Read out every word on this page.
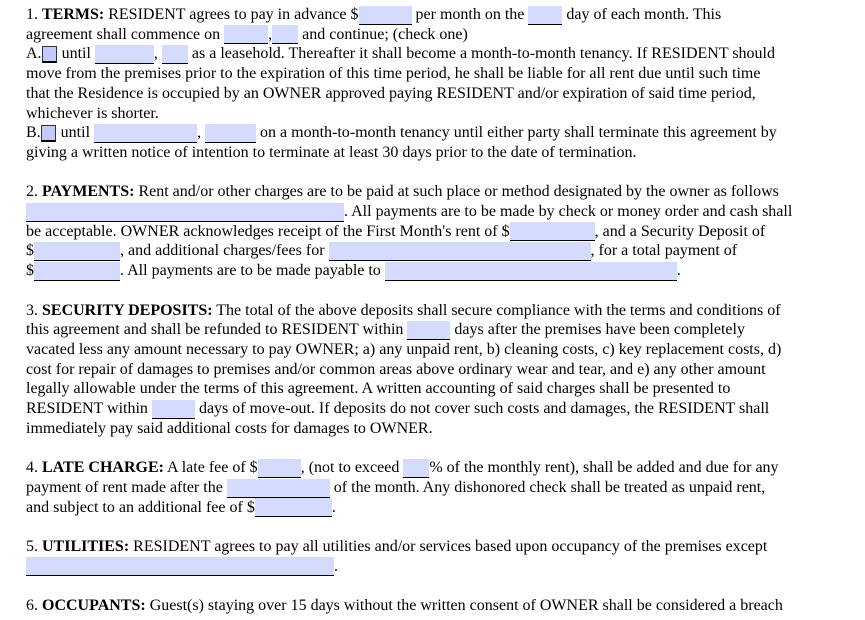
1. TERMS: RESIDENT agrees to pay in advance $	per month on the  day of each month. This
agreement shall commence on	, and continue; (check one)
A. until	,  as a leasehold. Thereafter it shall become a month-to-month tenancy. If RESIDENT should
move from the premises prior to the expiration of this time period, he shall be liable for all rent due until such time
that the Residence is occupied by an OWNER approved paying RESIDENT and/or expiration of said time period,
whichever is shorter.
B. until	,	on a month-to-month tenancy until either party shall terminate this agreement by
giving a written notice of intention to terminate at least 30 days prior to the date of termination.
2. PAYMENTS: Rent and/or other charges are to be paid at such place or method designated by the owner as follows
. All payments are to be made by check or money order and cash shall
be acceptable. OWNER acknowledges receipt of the First Month's rent of $	, and a Security Deposit of
$	, and additional charges/fees for	, for a total payment of
$	. All payments are to be made payable to	.
3. SECURITY DEPOSITS: The total of the above deposits shall secure compliance with the terms and conditions of
this agreement and shall be refunded to RESIDENT within	days after the premises have been completely
vacated less any amount necessary to pay OWNER; a) any unpaid rent, b) cleaning costs, c) key replacement costs, d)
cost for repair of damages to premises and/or common areas above ordinary wear and tear, and e) any other amount
legally allowable under the terms of this agreement. A written accounting of said charges shall be presented to
RESIDENT within	days of move-out. If deposits do not cover such costs and damages, the RESIDENT shall
immediately pay said additional costs for damages to OWNER.
4. LATE CHARGE: A late fee of $	, (not to exceed % of the monthly rent), shall be added and due for any
payment of rent made after the	of the month. Any dishonored check shall be treated as unpaid rent,
and subject to an additional fee of $	.
5. UTILITIES: RESIDENT agrees to pay all utilities and/or services based upon occupancy of the premises except
.
6. OCCUPANTS: Guest(s) staying over 15 days without the written consent of OWNER shall be considered a breach
